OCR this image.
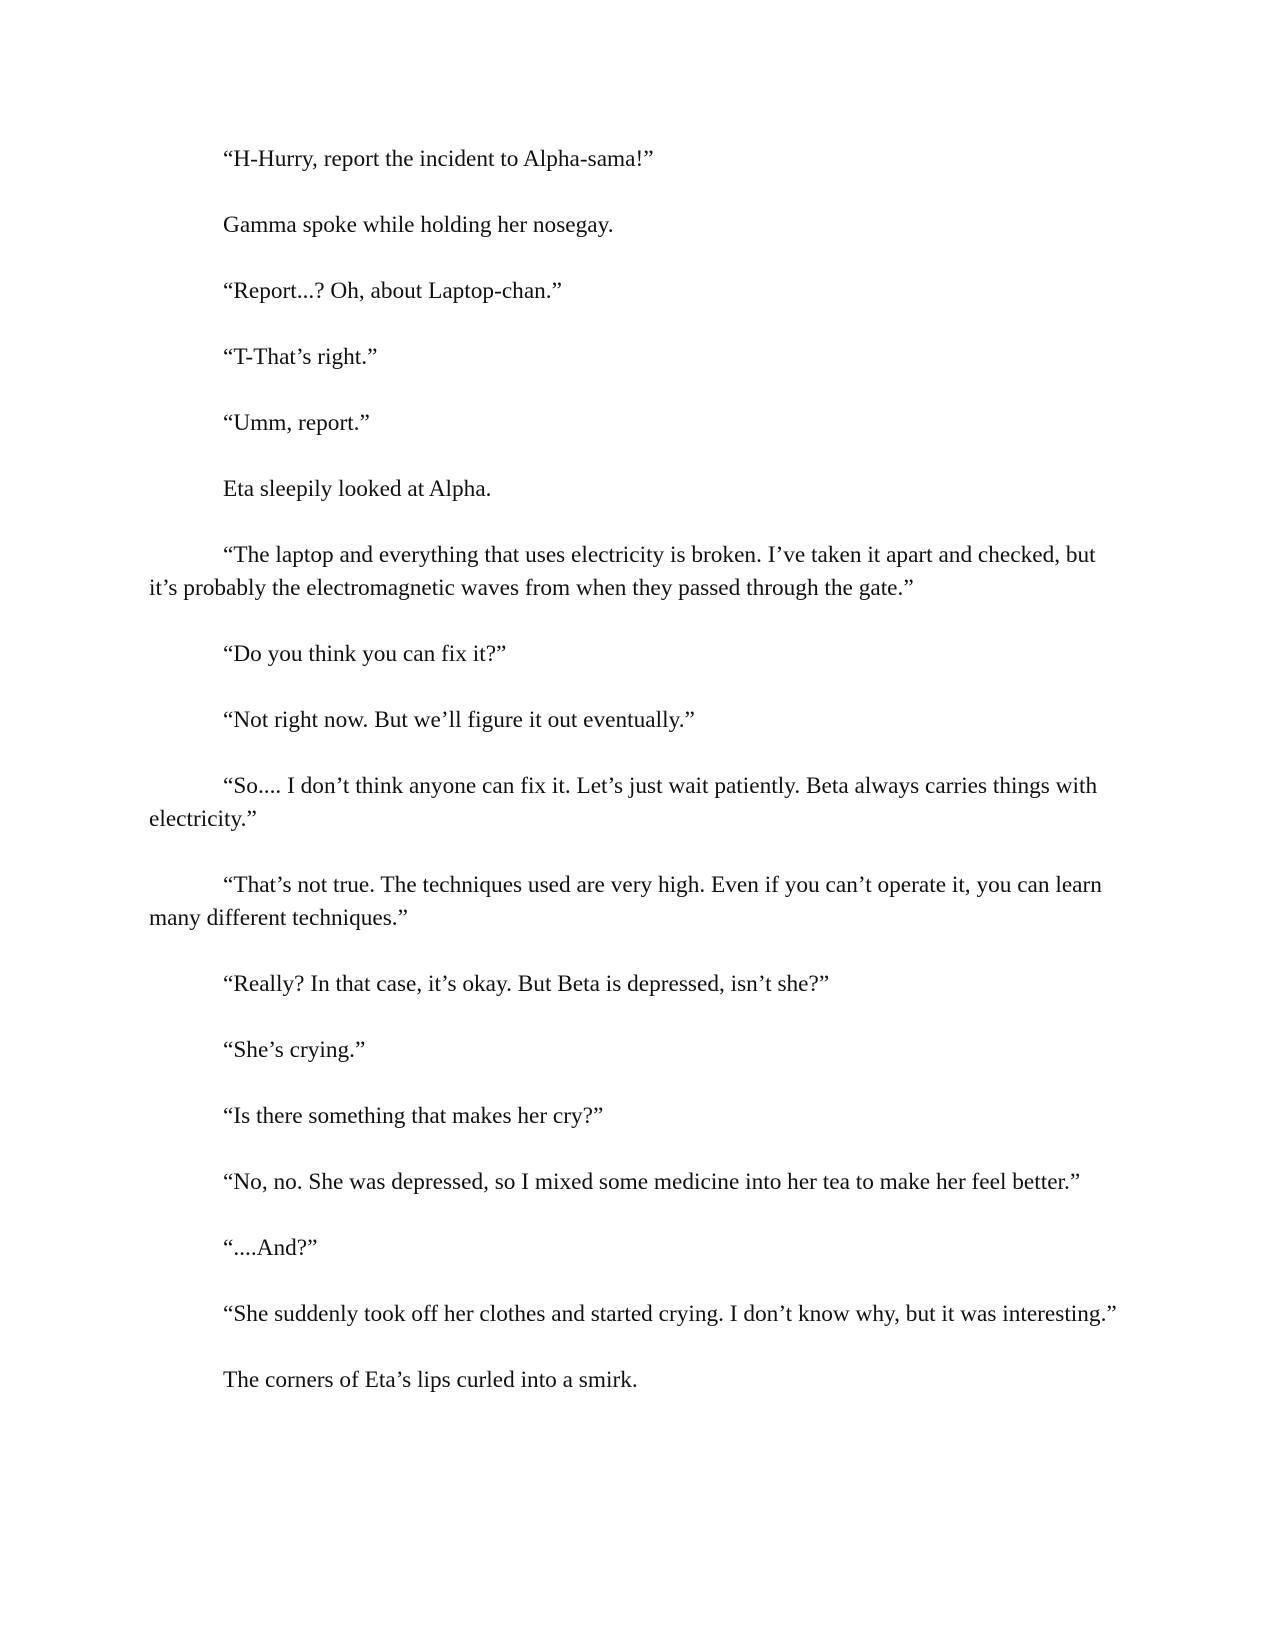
“H-Hurry, report the incident to Alpha-sama!”

Gamma spoke while holding her nosegay.

“Report...? Oh, about Laptop-chan.”

“T-That’s right.”

“Umm, report.”

Eta sleepily looked at Alpha.

“The laptop and everything that uses electricity is broken. I’ve taken it apart and checked, but it’s probably the electromagnetic waves from when they passed through the gate.”

“Do you think you can fix it?”

“Not right now. But we’ll figure it out eventually.”

“So.... I don’t think anyone can fix it. Let’s just wait patiently. Beta always carries things with electricity.”

“That’s not true. The techniques used are very high. Even if you can’t operate it, you can learn many different techniques.”

“Really? In that case, it’s okay. But Beta is depressed, isn’t she?”

“She’s crying.”

“Is there something that makes her cry?”

“No, no. She was depressed, so I mixed some medicine into her tea to make her feel better.”

“....And?”

“She suddenly took off her clothes and started crying. I don’t know why, but it was interesting.”

The corners of Eta’s lips curled into a smirk.
